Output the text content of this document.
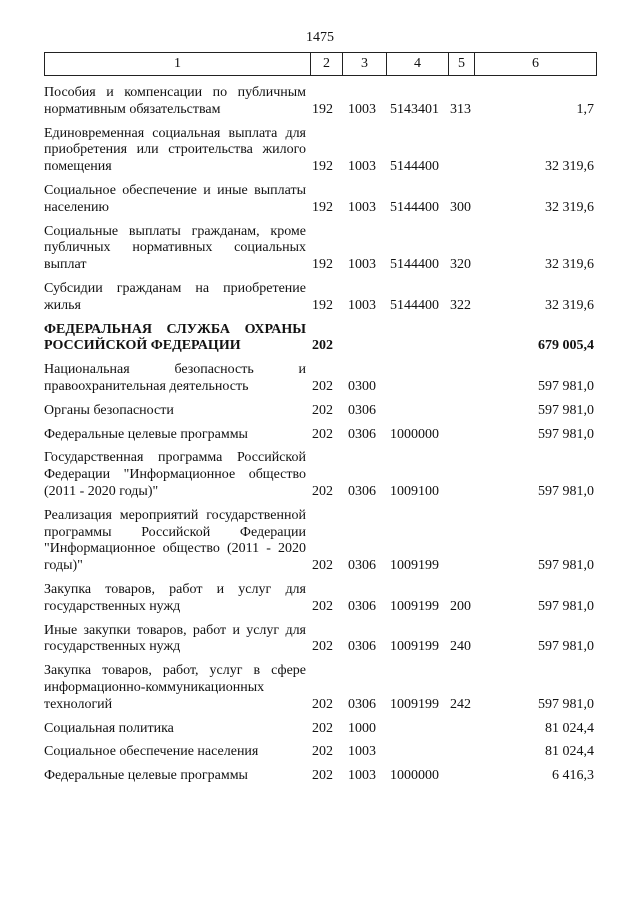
1475
1	2	3	4	5	6
Пособия и компенсации по публичным нормативным обязательствам	192	1003	5143401	313	1,7
Единовременная социальная выплата для приобретения или строительства жилого помещения	192	1003	5144400		32 319,6
Социальное обеспечение и иные выплаты населению	192	1003	5144400	300	32 319,6
Социальные выплаты гражданам, кроме публичных нормативных социальных выплат	192	1003	5144400	320	32 319,6
Субсидии гражданам на приобретение жилья	192	1003	5144400	322	32 319,6
ФЕДЕРАЛЬНАЯ СЛУЖБА ОХРАНЫ РОССИЙСКОЙ ФЕДЕРАЦИИ	202				679 005,4
Национальная безопасность и правоохранительная деятельность	202	0300			597 981,0
Органы безопасности	202	0306			597 981,0
Федеральные целевые программы	202	0306	1000000		597 981,0
Государственная программа Российской Федерации "Информационное общество (2011 - 2020 годы)"	202	0306	1009100		597 981,0
Реализация мероприятий государственной программы Российской Федерации "Информационное общество (2011 - 2020 годы)"	202	0306	1009199		597 981,0
Закупка товаров, работ и услуг для государственных нужд	202	0306	1009199	200	597 981,0
Иные закупки товаров, работ и услуг для государственных нужд	202	0306	1009199	240	597 981,0
Закупка товаров, работ, услуг в сфере информационно-коммуникационных технологий	202	0306	1009199	242	597 981,0
Социальная политика	202	1000			81 024,4
Социальное обеспечение населения	202	1003			81 024,4
Федеральные целевые программы	202	1003	1000000		6 416,3
